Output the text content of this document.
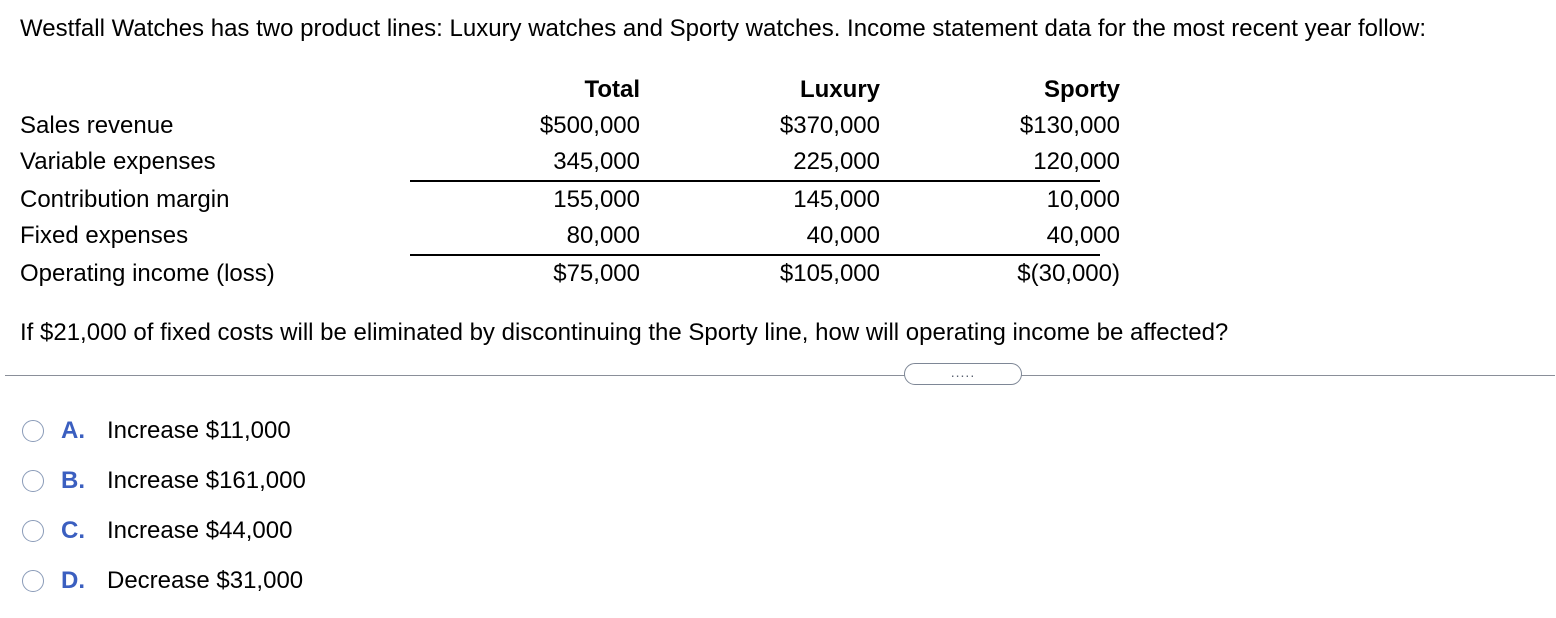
Westfall Watches has two product lines: Luxury watches and Sporty watches. Income statement data for the most recent year follow:
Total	Luxury	Sporty
Sales revenue	$500,000	$370,000	$130,000
Variable expenses	345,000	225,000	120,000
Contribution margin	155,000	145,000	10,000
Fixed expenses	80,000	40,000	40,000
Operating income (loss)	$75,000	$105,000	$(30,000)
If $21,000 of fixed costs will be eliminated by discontinuing the Sporty line, how will operating income be affected?
.....
A. Increase $11,000
B. Increase $161,000
C. Increase $44,000
D. Decrease $31,000
